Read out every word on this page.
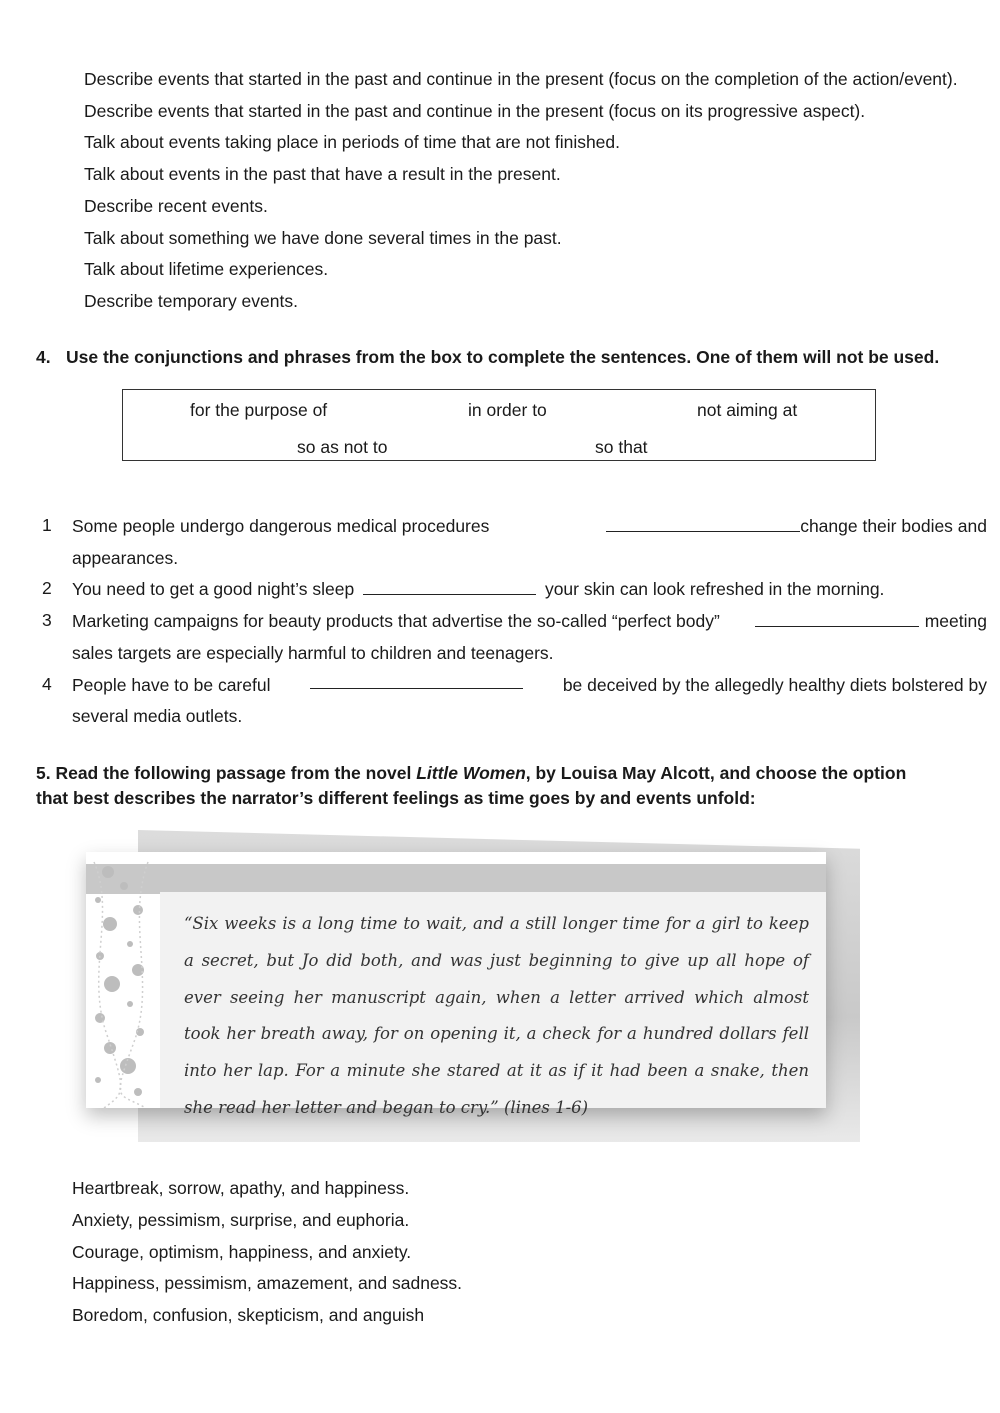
Describe events that started in the past and continue in the present (focus on the completion of the action/event).
Describe events that started in the past and continue in the present (focus on its progressive aspect).
Talk about events taking place in periods of time that are not finished.
Talk about events in the past that have a result in the present.
Describe recent events.
Talk about something we have done several times in the past.
Talk about lifetime experiences.
Describe temporary events.
4. Use the conjunctions and phrases from the box to complete the sentences. One of them will not be used.
for the purpose of	in order to	not aiming at
so as not to	so that
1 Some people undergo dangerous medical procedures	change their bodies and
appearances.
2 You need to get a good night’s sleep	your skin can look refreshed in the morning.
3 Marketing campaigns for beauty products that advertise the so-called “perfect body”	meeting
sales targets are especially harmful to children and teenagers.
4 People have to be careful	be deceived by the allegedly healthy diets bolstered by
several media outlets.
5. Read the following passage from the novel Little Women, by Louisa May Alcott, and choose the option
that best describes the narrator’s different feelings as time goes by and events unfold:
“Six weeks is a long time to wait, and a still longer time for a girl to keep a secret, but Jo did both, and was just beginning to give up all hope of ever seeing her manuscript again, when a letter arrived which almost took her breath away, for on opening it, a check for a hundred dollars fell into her lap. For a minute she stared at it as if it had been a snake, then she read her letter and began to cry.” (lines 1-6)
Heartbreak, sorrow, apathy, and happiness.
Anxiety, pessimism, surprise, and euphoria.
Courage, optimism, happiness, and anxiety.
Happiness, pessimism, amazement, and sadness.
Boredom, confusion, skepticism, and anguish
